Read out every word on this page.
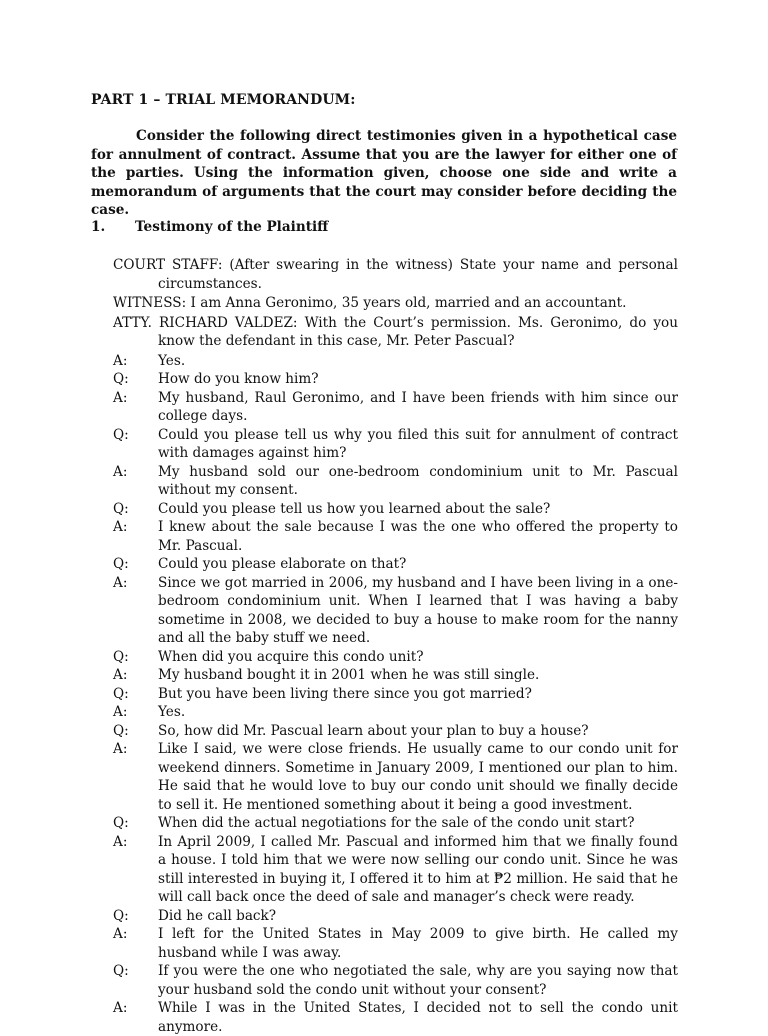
PART 1 – TRIAL MEMORANDUM:

Consider the following direct testimonies given in a hypothetical case for annulment of contract. Assume that you are the lawyer for either one of the parties. Using the information given, choose one side and write a memorandum of arguments that the court may consider before deciding the case.

1. Testimony of the Plaintiff
COURT STAFF: (After swearing in the witness) State your name and personal circumstances.
WITNESS: I am Anna Geronimo, 35 years old, married and an accountant.
ATTY. RICHARD VALDEZ: With the Court’s permission. Ms. Geronimo, do you know the defendant in this case, Mr. Peter Pascual?
A:	Yes.
Q:	How do you know him?
A:	My husband, Raul Geronimo, and I have been friends with him since our college days.
Q:	Could you please tell us why you filed this suit for annulment of contract with damages against him?
A:	My husband sold our one-bedroom condominium unit to Mr. Pascual without my consent.
Q:	Could you please tell us how you learned about the sale?
A:	I knew about the sale because I was the one who offered the property to Mr. Pascual.
Q:	Could you please elaborate on that?
A:	Since we got married in 2006, my husband and I have been living in a one-bedroom condominium unit. When I learned that I was having a baby sometime in 2008, we decided to buy a house to make room for the nanny and all the baby stuff we need.
Q:	When did you acquire this condo unit?
A:	My husband bought it in 2001 when he was still single.
Q:	But you have been living there since you got married?
A:	Yes.
Q:	So, how did Mr. Pascual learn about your plan to buy a house?
A:	Like I said, we were close friends. He usually came to our condo unit for weekend dinners. Sometime in January 2009, I mentioned our plan to him. He said that he would love to buy our condo unit should we finally decide to sell it. He mentioned something about it being a good investment.
Q:	When did the actual negotiations for the sale of the condo unit start?
A:	In April 2009, I called Mr. Pascual and informed him that we finally found a house. I told him that we were now selling our condo unit. Since he was still interested in buying it, I offered it to him at ₱2 million. He said that he will call back once the deed of sale and manager’s check were ready.
Q:	Did he call back?
A:	I left for the United States in May 2009 to give birth. He called my husband while I was away.
Q:	If you were the one who negotiated the sale, why are you saying now that your husband sold the condo unit without your consent?
A:	While I was in the United States, I decided not to sell the condo unit anymore.
